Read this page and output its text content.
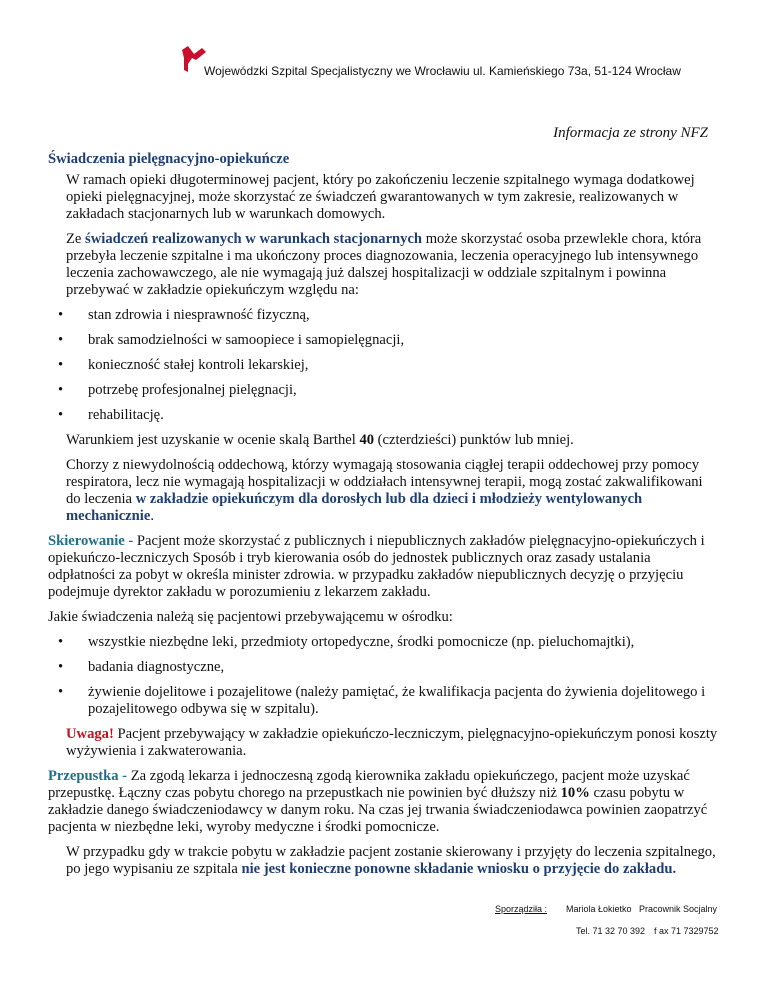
Wojewódzki Szpital Specjalistyczny we Wrocławiu ul. Kamieńskiego 73a, 51-124 Wrocław
Informacja ze strony NFZ
Świadczenia pielęgnacyjno-opiekuńcze

W ramach opieki długoterminowej pacjent, który po zakończeniu leczenie szpitalnego wymaga dodatkowej opieki pielęgnacyjnej, może skorzystać ze świadczeń gwarantowanych w tym zakresie, realizowanych w zakładach stacjonarnych lub w warunkach domowych.

Ze świadczeń realizowanych w warunkach stacjonarnych może skorzystać osoba przewlekle chora, która przebyła leczenie szpitalne i ma ukończony proces diagnozowania, leczenia operacyjnego lub intensywnego leczenia zachowawczego, ale nie wymagają już dalszej hospitalizacji w oddziale szpitalnym i powinna przebywać w zakładzie opiekuńczym względu na:

• stan zdrowia i niesprawność fizyczną,
• brak samodzielności w samoopiece i samopielęgnacji,
• konieczność stałej kontroli lekarskiej,
• potrzebę profesjonalnej pielęgnacji,
• rehabilitację.

Warunkiem jest uzyskanie w ocenie skalą Barthel 40 (czterdzieści) punktów lub mniej.

Chorzy z niewydolnością oddechową, którzy wymagają stosowania ciągłej terapii oddechowej przy pomocy respiratora, lecz nie wymagają hospitalizacji w oddziałach intensywnej terapii, mogą zostać zakwalifikowani do leczenia w zakładzie opiekuńczym dla dorosłych lub dla dzieci i młodzieży wentylowanych mechanicznie.

Skierowanie - Pacjent może skorzystać z publicznych i niepublicznych zakładów pielęgnacyjno-opiekuńczych i opiekuńczo-leczniczych Sposób i tryb kierowania osób do jednostek publicznych oraz zasady ustalania odpłatności za pobyt w określa minister zdrowia. w przypadku zakładów niepublicznych decyzję o przyjęciu podejmuje dyrektor zakładu w porozumieniu z lekarzem zakładu.

Jakie świadczenia należą się pacjentowi przebywającemu w ośrodku:

• wszystkie niezbędne leki, przedmioty ortopedyczne, środki pomocnicze (np. pieluchomajtki),
• badania diagnostyczne,
• żywienie dojelitowe i pozajelitowe (należy pamiętać, że kwalifikacja pacjenta do żywienia dojelitowego i pozajelitowego odbywa się w szpitalu).

Uwaga! Pacjent przebywający w zakładzie opiekuńczo-leczniczym, pielęgnacyjno-opiekuńczym ponosi koszty wyżywienia i zakwaterowania.

Przepustka - Za zgodą lekarza i jednoczesną zgodą kierownika zakładu opiekuńczego, pacjent może uzyskać przepustkę. Łączny czas pobytu chorego na przepustkach nie powinien być dłuższy niż 10% czasu pobytu w zakładzie danego świadczeniodawcy w danym roku. Na czas jej trwania świadczeniodawca powinien zaopatrzyć pacjenta w niezbędne leki, wyroby medyczne i środki pomocnicze.

W przypadku gdy w trakcie pobytu w zakładzie pacjent zostanie skierowany i przyjęty do leczenia szpitalnego, po jego wypisaniu ze szpitala nie jest konieczne ponowne składanie wniosku o przyjęcie do zakładu.

Sporządziła : Mariola Łokietko Pracownik Socjalny
Tel. 71 32 70 392 f ax 71 7329752
